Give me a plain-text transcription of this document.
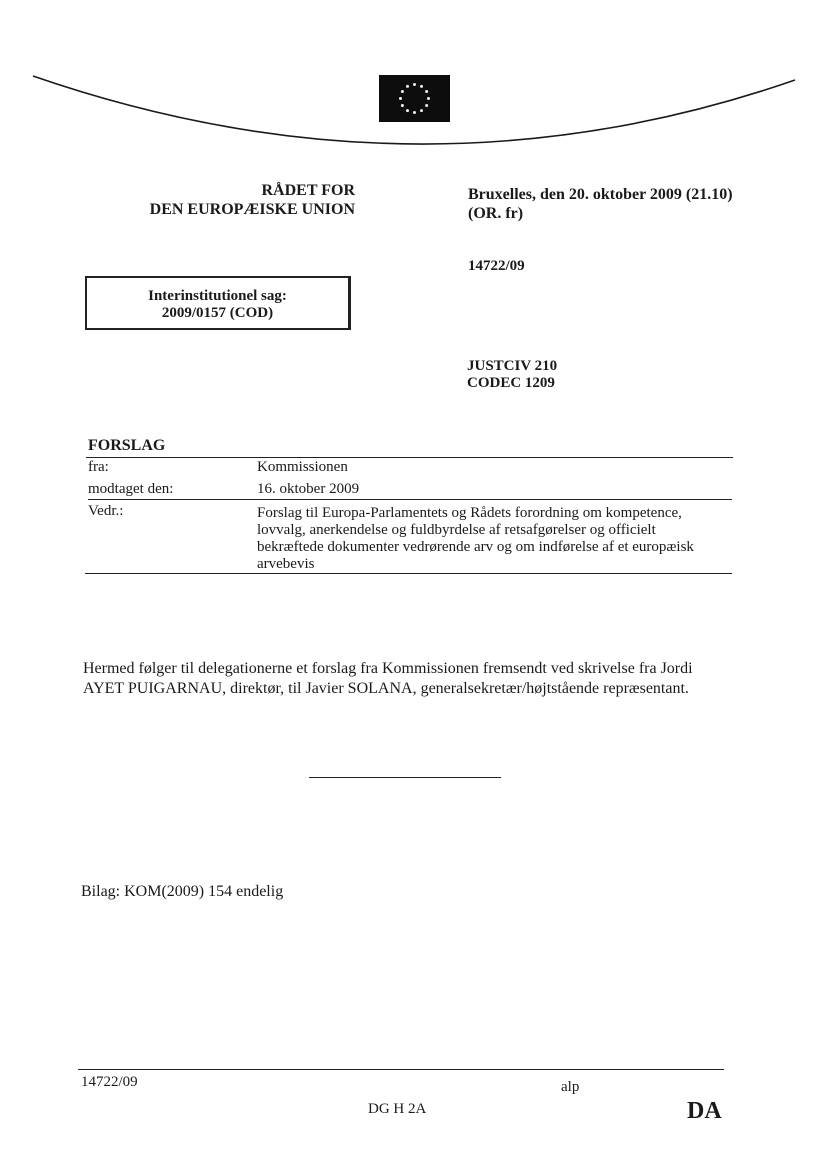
RÅDET FOR
DEN EUROPÆISKE UNION
Bruxelles, den 20. oktober 2009 (21.10)
(OR. fr)
14722/09
Interinstitutionel sag:
2009/0157 (COD)
JUSTCIV 210
CODEC 1209
FORSLAG
fra:	Kommissionen
modtaget den:	16. oktober 2009
Vedr.:	Forslag til Europa-Parlamentets og Rådets forordning om kompetence,
lovvalg, anerkendelse og fuldbyrdelse af retsafgørelser og officielt
bekræftede dokumenter vedrørende arv og om indførelse af et europæisk
arvebevis
Hermed følger til delegationerne et forslag fra Kommissionen fremsendt ved skrivelse fra Jordi
AYET PUIGARNAU, direktør, til Javier SOLANA, generalsekretær/højtstående repræsentant.
Bilag: KOM(2009) 154 endelig
14722/09	alp
DG H 2A	DA
